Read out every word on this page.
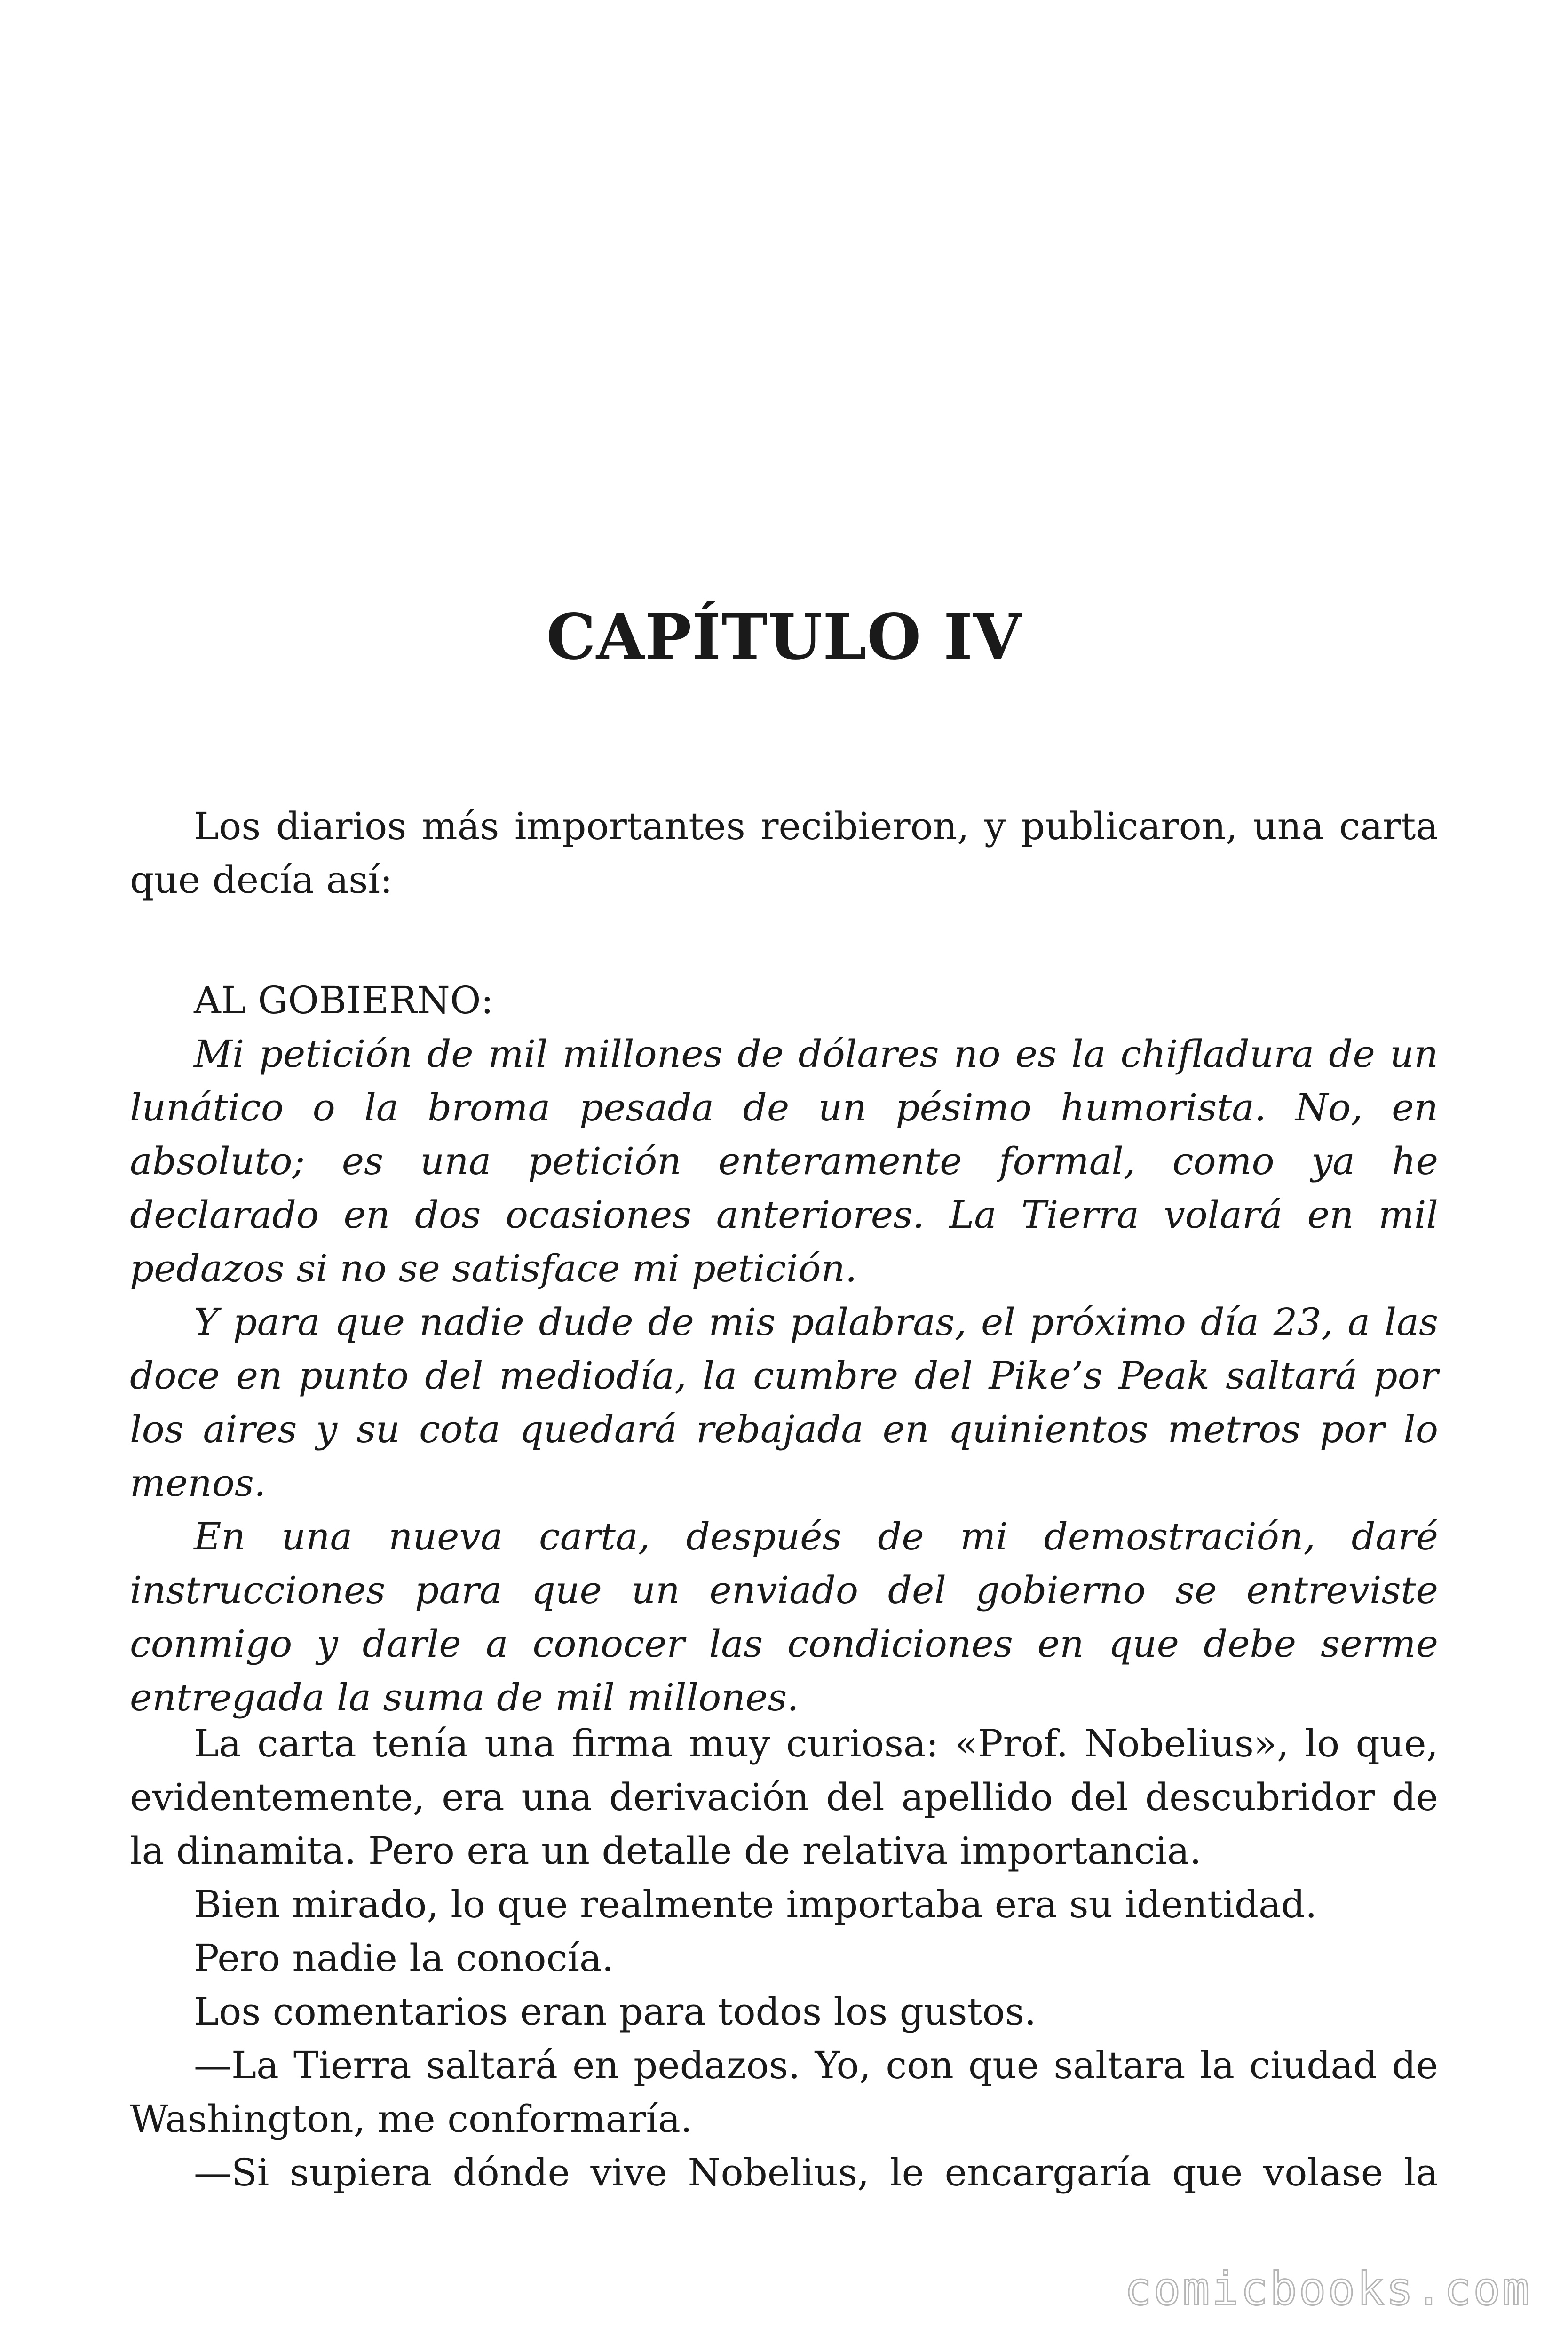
CAPÍTULO IV

Los diarios más importantes recibieron, y publicaron, una carta que decía así:

AL GOBIERNO:

Mi petición de mil millones de dólares no es la chifladura de un lunático o la broma pesada de un pésimo humorista. No, en absoluto; es una petición enteramente formal, como ya he declarado en dos ocasiones anteriores. La Tierra volará en mil pedazos si no se satisface mi petición.

Y para que nadie dude de mis palabras, el próximo día 23, a las doce en punto del mediodía, la cumbre del Pike’s Peak saltará por los aires y su cota quedará rebajada en quinientos metros por lo menos.

En una nueva carta, después de mi demostración, daré instrucciones para que un enviado del gobierno se entreviste conmigo y darle a conocer las condiciones en que debe serme entregada la suma de mil millones.

La carta tenía una firma muy curiosa: «Prof. Nobelius», lo que, evidentemente, era una derivación del apellido del descubridor de la dinamita. Pero era un detalle de relativa importancia.

Bien mirado, lo que realmente importaba era su identidad.

Pero nadie la conocía.

Los comentarios eran para todos los gustos.

—La Tierra saltará en pedazos. Yo, con que saltara la ciudad de Washington, me conformaría.

—Si supiera dónde vive Nobelius, le encargaría que volase la

comicbooks.com
